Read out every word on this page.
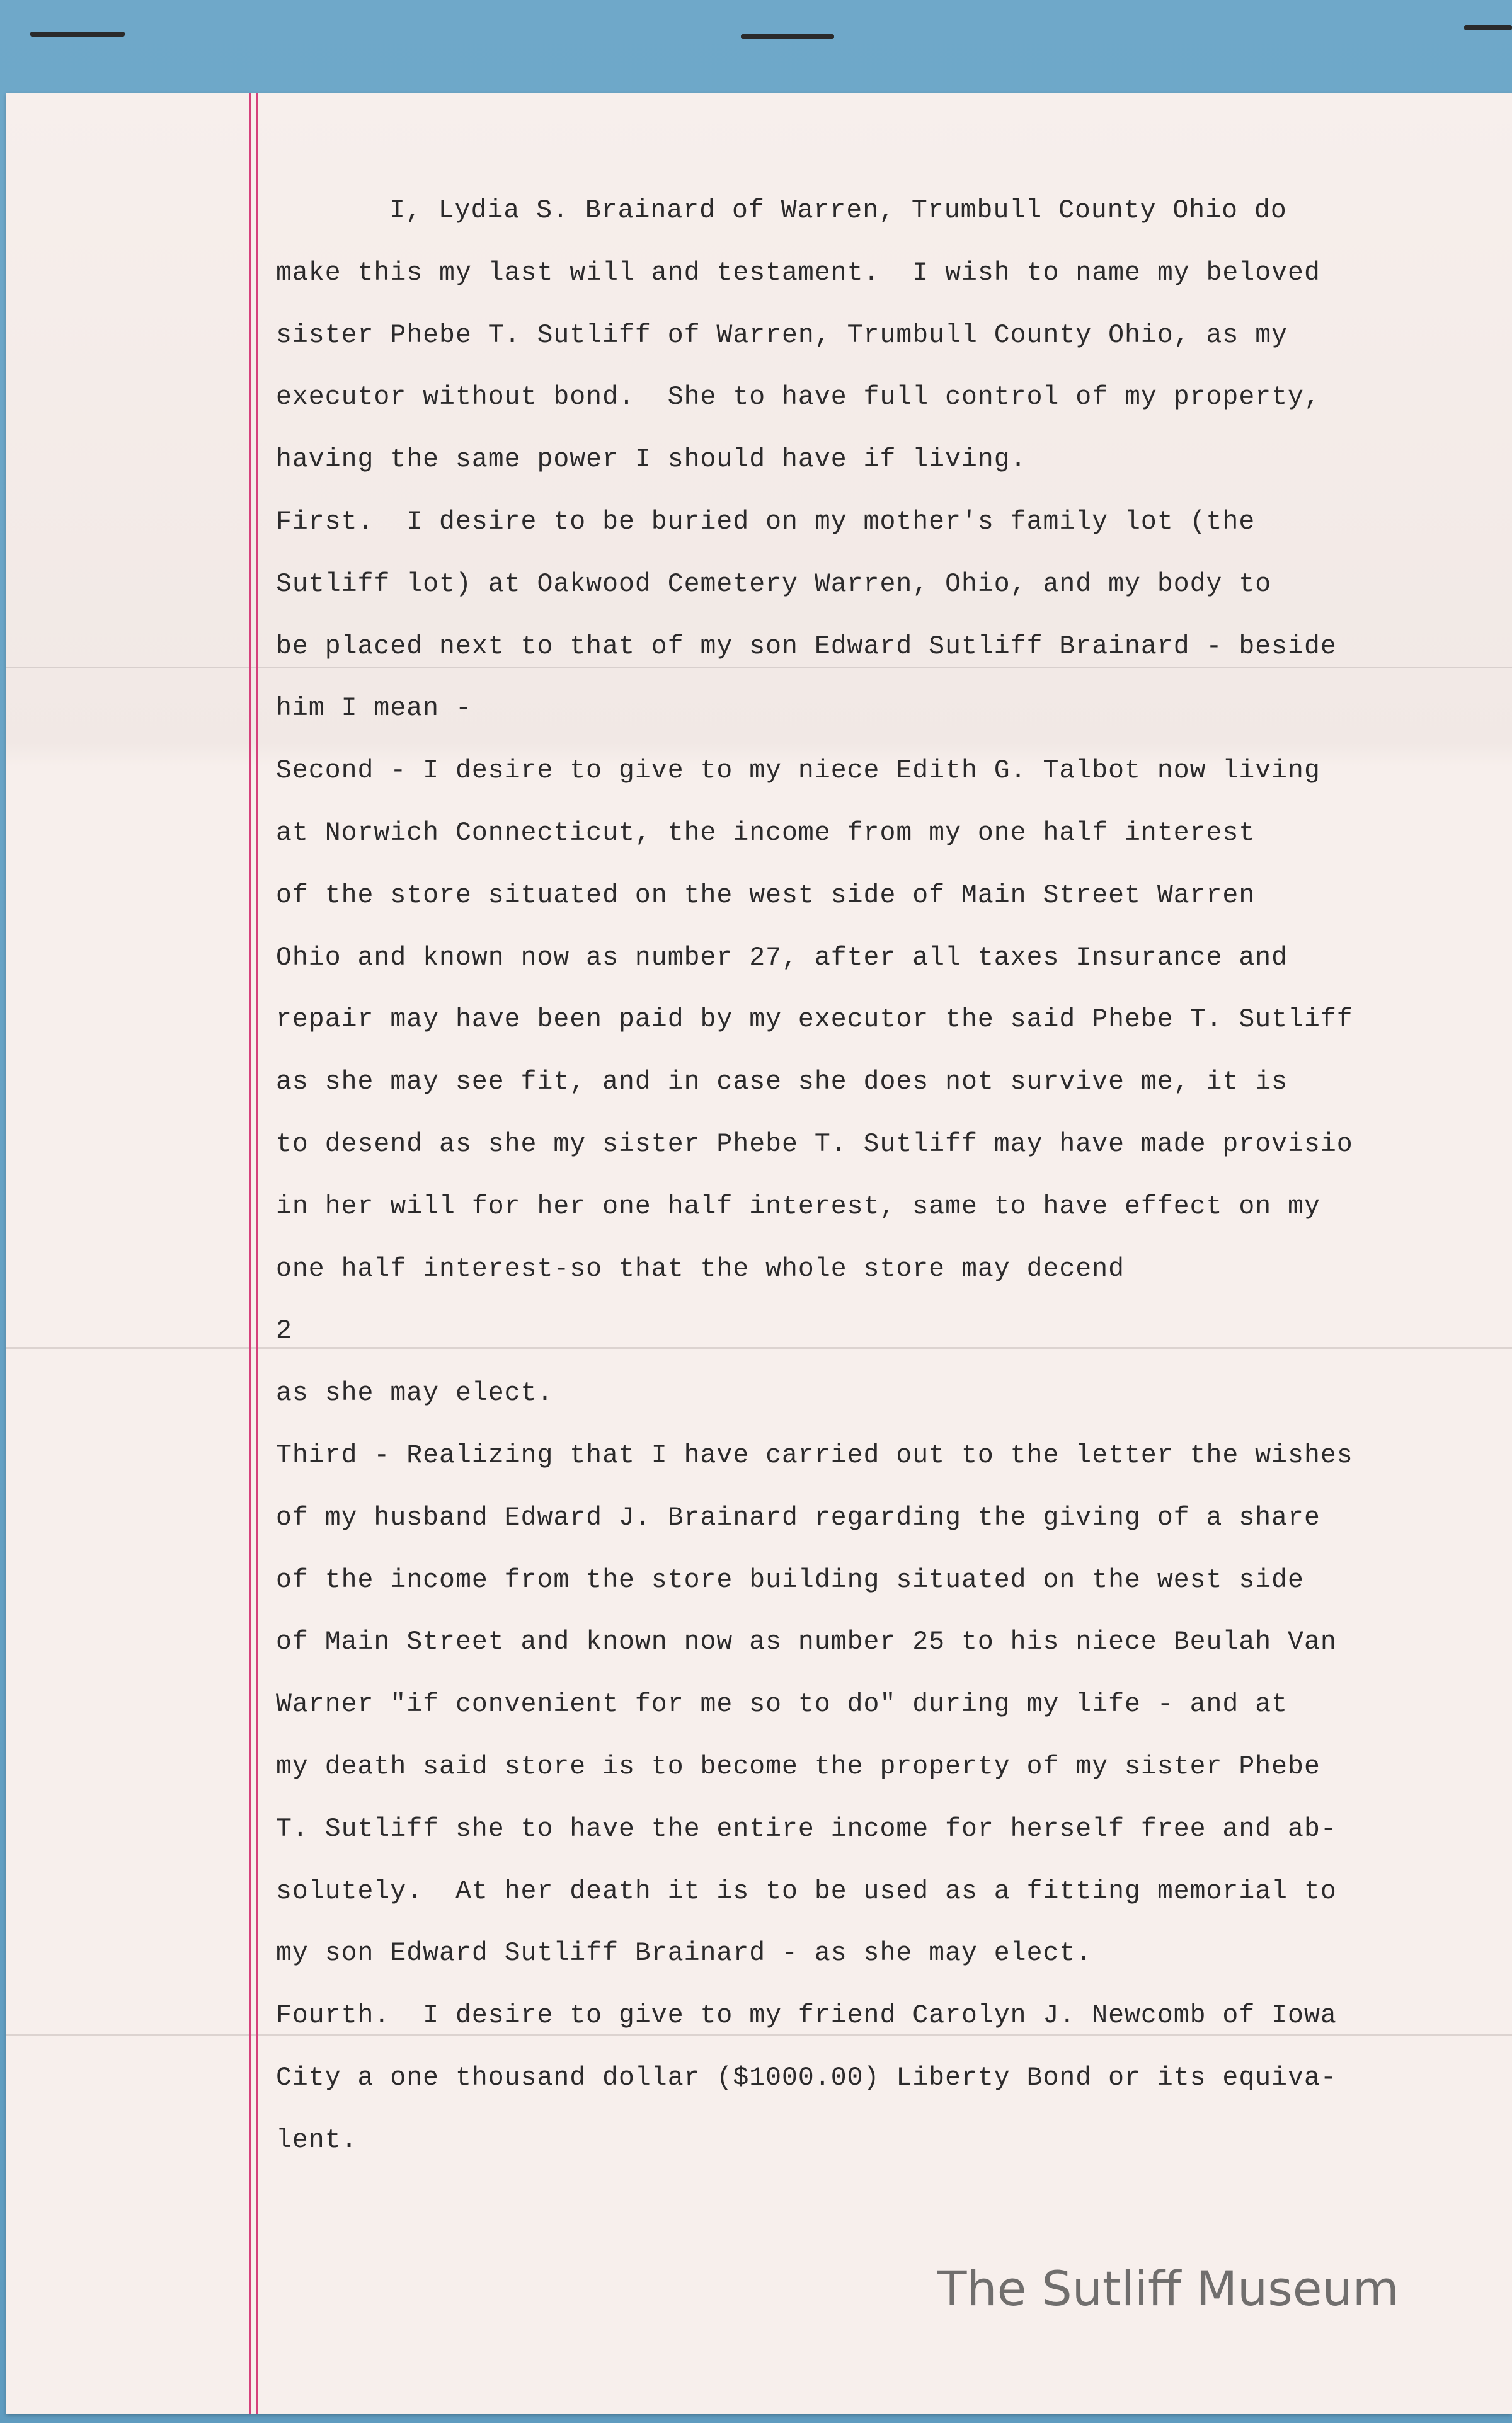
I, Lydia S. Brainard of Warren, Trumbull County Ohio do
make this my last will and testament.  I wish to name my beloved
sister Phebe T. Sutliff of Warren, Trumbull County Ohio, as my
executor without bond.  She to have full control of my property,
having the same power I should have if living.
First.  I desire to be buried on my mother's family lot (the
Sutliff lot) at Oakwood Cemetery Warren, Ohio, and my body to
be placed next to that of my son Edward Sutliff Brainard - beside
him I mean -
Second - I desire to give to my niece Edith G. Talbot now living
at Norwich Connecticut, the income from my one half interest
of the store situated on the west side of Main Street Warren
Ohio and known now as number 27, after all taxes Insurance and
repair may have been paid by my executor the said Phebe T. Sutliff
as she may see fit, and in case she does not survive me, it is
to desend as she my sister Phebe T. Sutliff may have made provisio
in her will for her one half interest, same to have effect on my
one half interest-so that the whole store may decend
2
as she may elect.
Third - Realizing that I have carried out to the letter the wishes
of my husband Edward J. Brainard regarding the giving of a share
of the income from the store building situated on the west side
of Main Street and known now as number 25 to his niece Beulah Van
Warner "if convenient for me so to do" during my life - and at
my death said store is to become the property of my sister Phebe
T. Sutliff she to have the entire income for herself free and ab-
solutely.  At her death it is to be used as a fitting memorial to
my son Edward Sutliff Brainard - as she may elect.
Fourth.  I desire to give to my friend Carolyn J. Newcomb of Iowa
City a one thousand dollar ($1000.00) Liberty Bond or its equiva-
lent.
The Sutliff Museum
